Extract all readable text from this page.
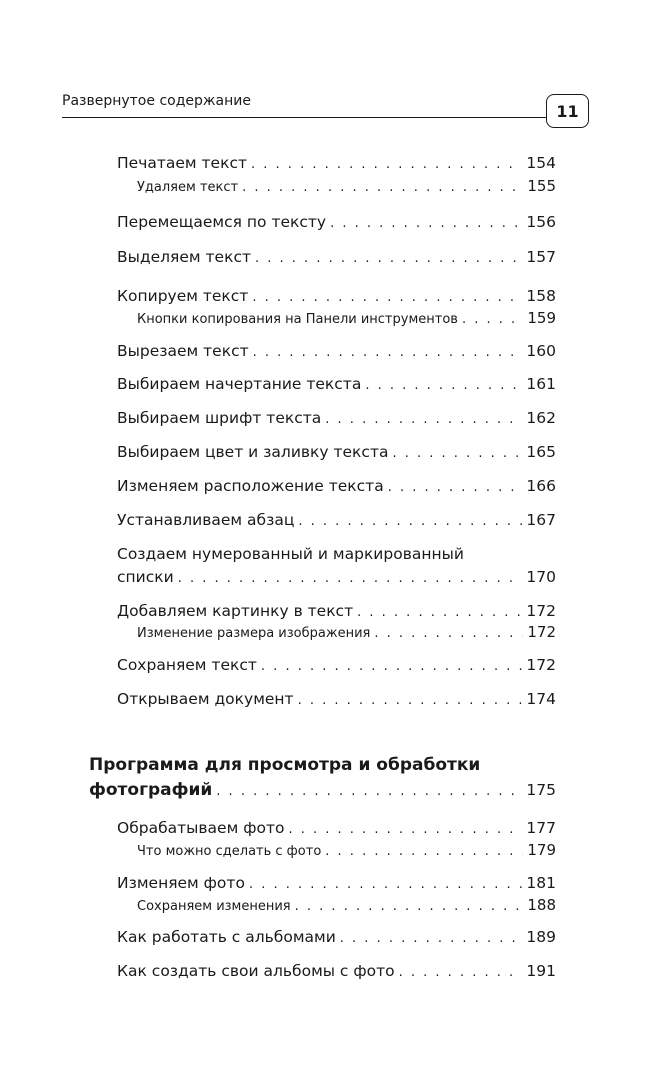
Развернутое содержание
11
Печатаем текст . . .	154
Удаляем текст . . .	155
Перемещаемся по тексту . . .	156
Выделяем текст . . .	157
Копируем текст . . .	158
Кнопки копирования на Панели инструментов . . .	159
Вырезаем текст . . .	160
Выбираем начертание текста . . .	161
Выбираем шрифт текста . . .	162
Выбираем цвет и заливку текста . . .	165
Изменяем расположение текста . . .	166
Устанавливаем абзац . . .	167
Создаем нумерованный и маркированный
списки . . .	170
Добавляем картинку в текст . . .	172
Изменение размера изображения . . .	172
Сохраняем текст . . .	172
Открываем документ . . .	174
Программа для просмотра и обработки
фотографий . . .	175
Обрабатываем фото . . .	177
Что можно сделать с фото . . .	179
Изменяем фото . . .	181
Сохраняем изменения . . .	188
Как работать с альбомами . . .	189
Как создать свои альбомы с фото . . .	191
